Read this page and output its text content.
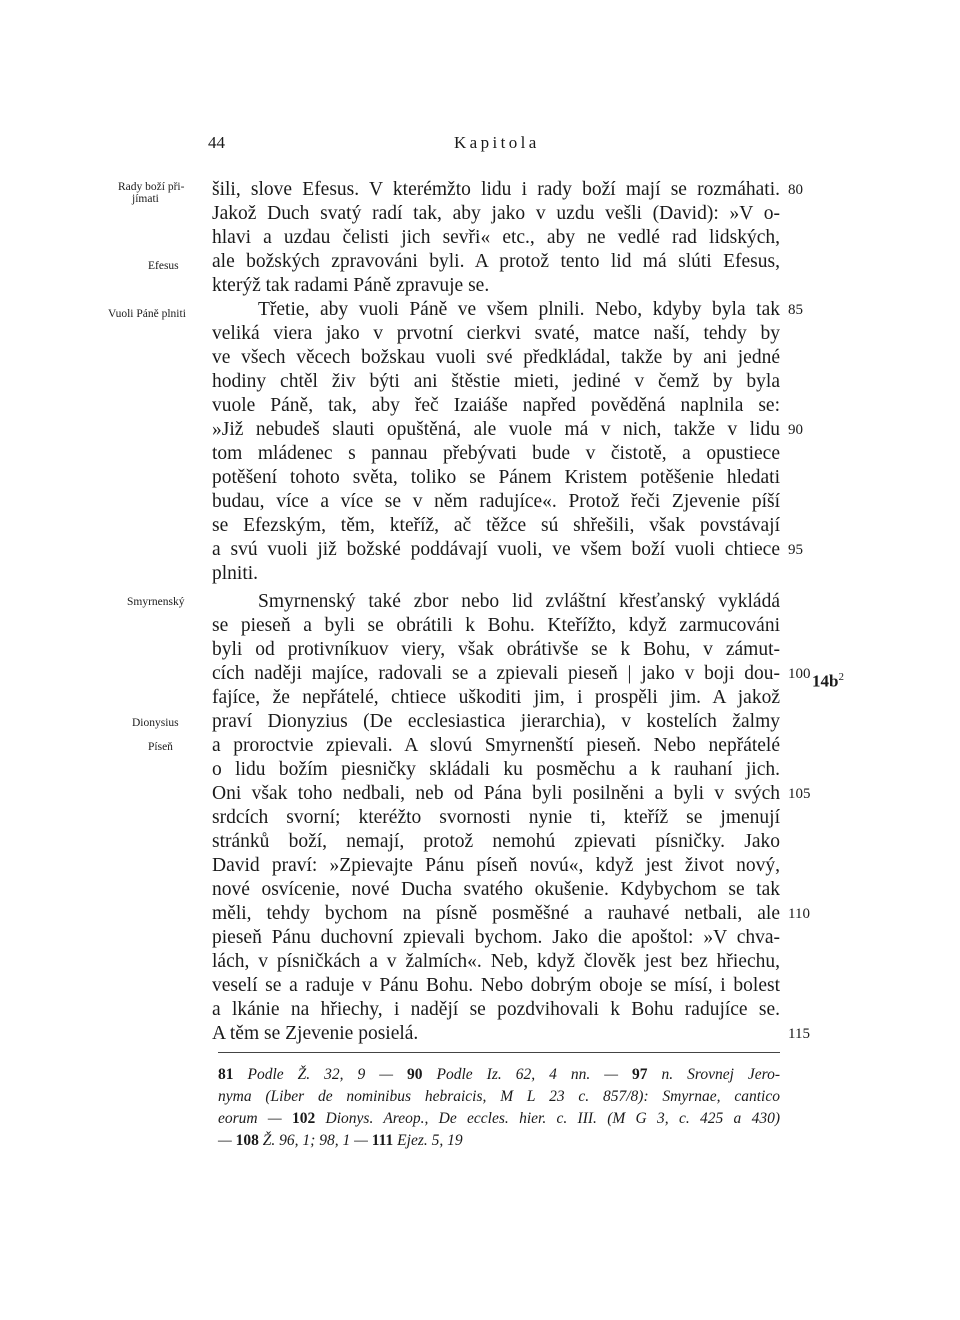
44	Kapitola
Rady boží při-
jímati
Efesus
Vuoli Páně plniti
Smyrnenský
Dionysius
Píseň
šili, slove Efesus. V kterémžto lidu i rady boží mají se rozmáhati.
Jakož Duch svatý radí tak, aby jako v uzdu vešli (David): »V o-
hlavi a uzdau čelisti jich sevři« etc., aby ne vedlé rad lidských,
ale božských zpravováni byli. A protož tento lid má slúti Efesus,
kterýž tak radami Páně zpravuje se.
Třetie, aby vuoli Páně ve všem plnili. Nebo, kdyby byla tak
veliká viera jako v prvotní cierkvi svaté, matce naší, tehdy by
ve všech věcech božskau vuoli své předkládal, takže by ani jedné
hodiny chtěl živ býti ani štěstie mieti, jediné v čemž by byla
vuole Páně, tak, aby řeč Izaiáše napřed pověděná naplnila se:
»Již nebudeš slauti opuštěná, ale vuole má v nich, takže v lidu
tom mládenec s pannau přebývati bude v čistotě, a opustiece
potěšení tohoto světa, toliko se Pánem Kristem potěšenie hledati
budau, více a více se v něm radujíce«. Protož řeči Zjevenie píší
se Efezským, těm, kteříž, ač těžce sú shřešili, však povstávají
a svú vuoli již božské poddávají vuoli, ve všem boží vuoli chtiece
plniti.
Smyrnenský také zbor nebo lid zvláštní křesťanský vykládá
se pieseň a byli se obrátili k Bohu. Kteřížto, když zarmucováni
byli od protivníkuov viery, však obrátivše se k Bohu, v zámut-
cích naději majíce, radovali se a zpievali pieseň | jako v boji dou-
fajíce, že nepřátelé, chtiece uškoditi jim, i prospěli jim. A jakož
praví Dionyzius (De ecclesiastica jierarchia), v kostelích žalmy
a proroctvie zpievali. A slovú Smyrnenští pieseň. Nebo nepřátelé
o lidu božím piesničky skládali ku posměchu a k rauhaní jich.
Oni však toho nedbali, neb od Pána byli posilněni a byli v svých
srdcích svorní; kteréžto svornosti nynie ti, kteříž se jmenují
stránků boží, nemají, protož nemohú zpievati písničky. Jako
David praví: »Zpievajte Pánu píseň novú«, když jest život nový,
nové osvícenie, nové Ducha svatého okušenie. Kdybychom se tak
měli, tehdy bychom na písně posměšné a rauhavé netbali, ale
pieseň Pánu duchovní zpievali bychom. Jako die apoštol: »V chva-
lách, v písničkách a v žalmích«. Neb, když člověk jest bez hřiechu,
veselí se a raduje v Pánu Bohu. Nebo dobrým oboje se mísí, i bolest
a lkánie na hřiechy, i nadějí se pozdvihovali k Bohu radujíce se.
A těm se Zjevenie posielá.
80
85
90
95
100
105
110
115
$14b^2$
81 Podle Ž. 32, 9 — 90 Podle Iz. 62, 4 nn. — 97 n. Srovnej Jero-
nyma (Liber de nominibus hebraicis, M L 23 c. 857/8): Smyrnae, cantico
eorum — 102 Dionys. Areop., De eccles. hier. c. III. (M G 3, c. 425 a 430)
— 108 Ž. 96, 1; 98, 1 — 111 Ejez. 5, 19
